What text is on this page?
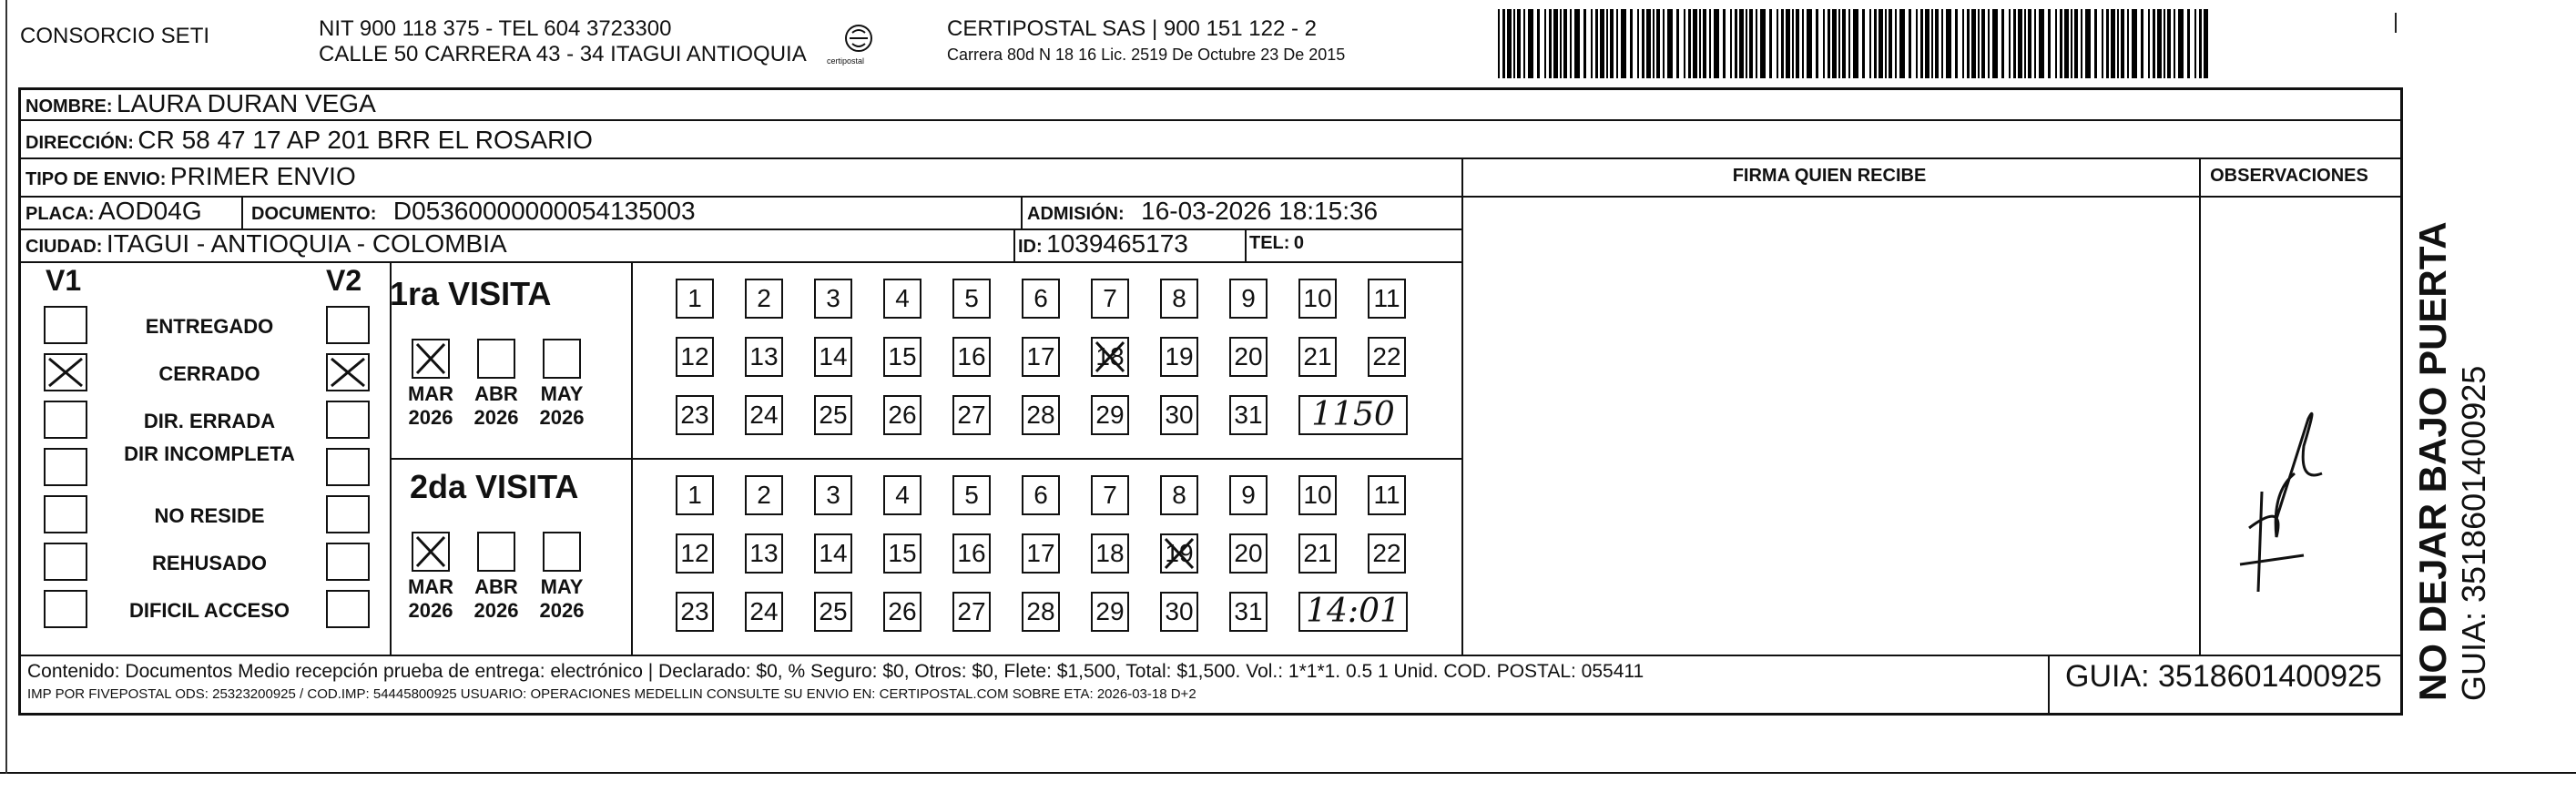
CONSORCIO SETI	NIT 900 118 375 - TEL 604 3723300
CALLE 50 CARRERA 43 - 34 ITAGUI ANTIOQUIA certipostal
CERTIPOSTAL SAS | 900 151 122 - 2
Carrera 80d N 18 16 Lic. 2519 De Octubre 23 De 2015
NOMBRE: LAURA DURAN VEGA
DIRECCIÓN: CR 58 47 17 AP 201 BRR EL ROSARIO
TIPO DE ENVIO: PRIMER ENVIO
PLACA: AOD04G	DOCUMENTO: D05360000000054135003	ADMISIÓN: 16-03-2026 18:15:36
CIUDAD: ITAGUI - ANTIOQUIA - COLOMBIA	ID: 1039465173	TEL: 0
FIRMA QUIEN RECIBE	OBSERVACIONES
V1	V2
ENTREGADO
CERRADO
DIR. ERRADA
DIR INCOMPLETA
NO RESIDE
REHUSADO
DIFICIL ACCESO
1ra VISITA
MAR
2026
ABR
2026
MAY
2026
1	2	3	4	5	6	7	8	9	10 11
12 13 14 15 16 17 18 19 20 21 22
23 24 25 26 27 28 29 30 31	1150
2da VISITA
MAR
2026
ABR
2026
MAY
2026
1	2	3	4	5	6	7	8	9	10 11
12 13 14 15 16 17 18 19 20 21 22
23 24 25 26 27 28 29 30 31 14:01
Contenido: Documentos Medio recepción prueba de entrega: electrónico | Declarado: $0, % Seguro: $0, Otros: $0, Flete: $1,500, Total: $1,500. Vol.: 1*1*1. 0.5 1 Unid. COD. POSTAL: 055411
IMP POR FIVEPOSTAL ODS: 25323200925 / COD.IMP: 54445800925 USUARIO: OPERACIONES MEDELLIN CONSULTE SU ENVIO EN: CERTIPOSTAL.COM SOBRE ETA: 2026-03-18 D+2
GUIA: 3518601400925 NO DEJAR BAJO PUERTA GUIA: 3518601400925
